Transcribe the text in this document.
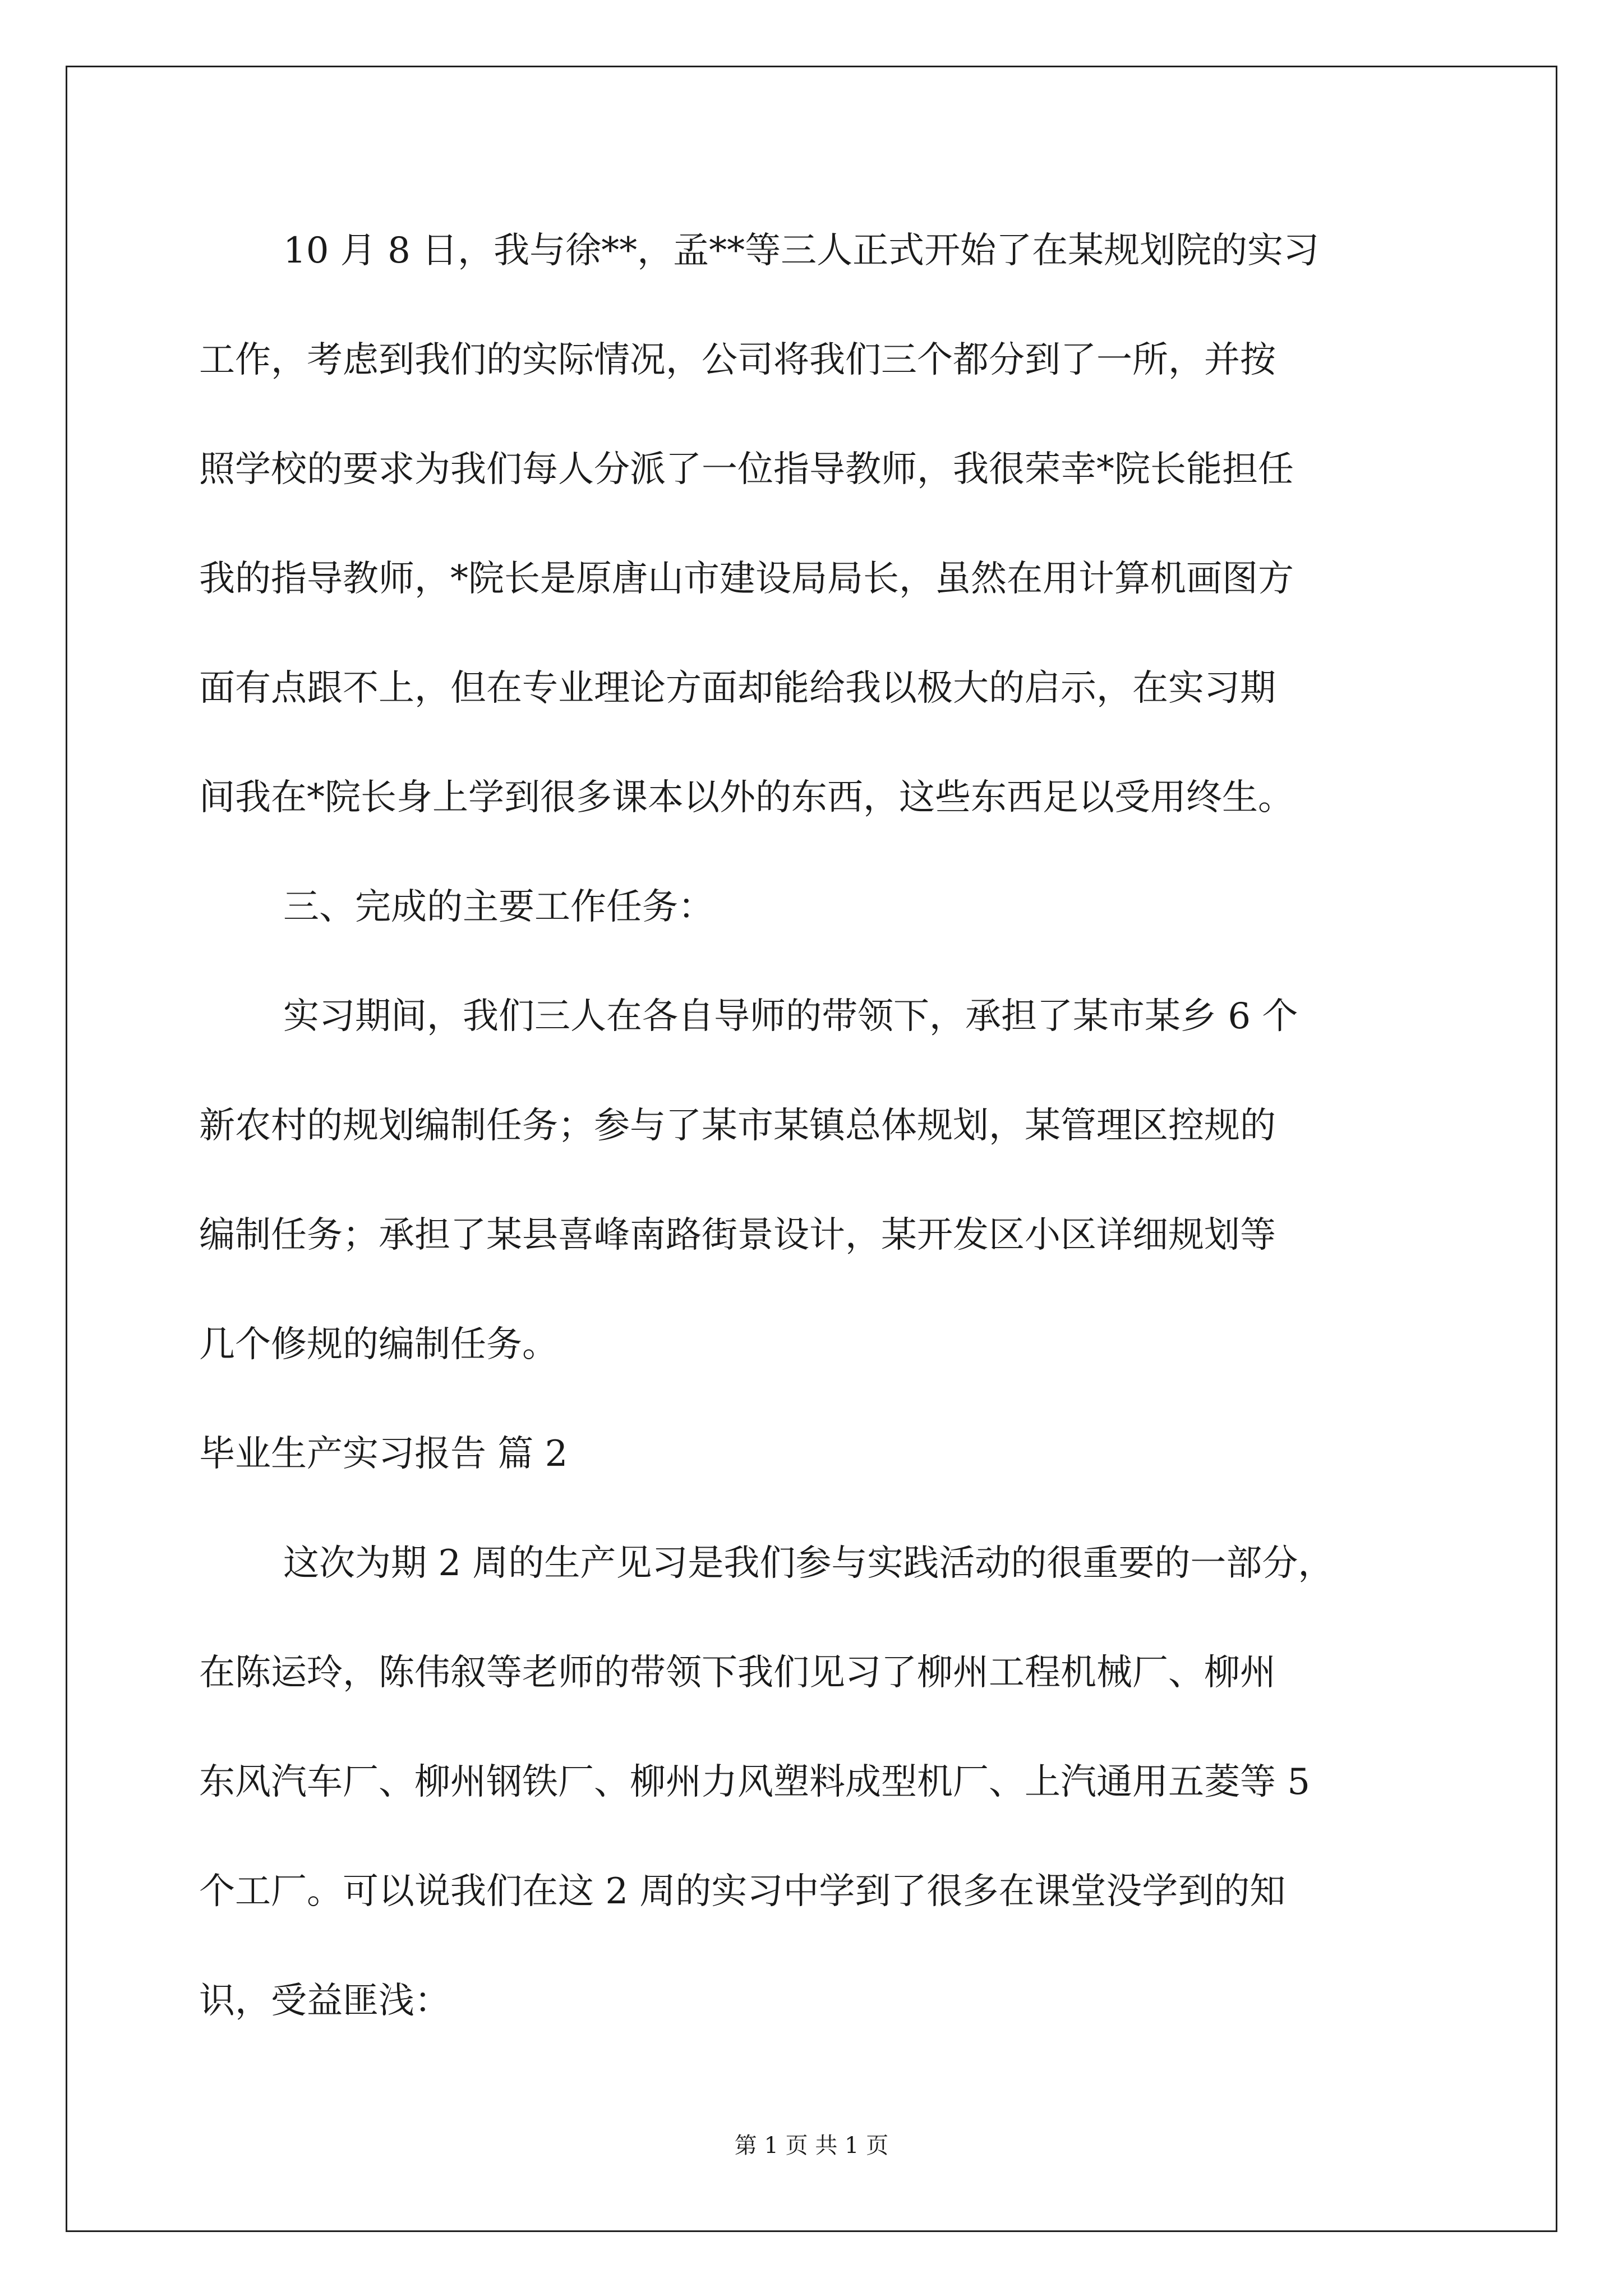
10 月 8 日，我与徐**，孟**等三人正式开始了在某规划院的实习
工作，考虑到我们的实际情况，公司将我们三个都分到了一所，并按
照学校的要求为我们每人分派了一位指导教师，我很荣幸*院长能担任
我的指导教师，*院长是原唐山市建设局局长，虽然在用计算机画图方
面有点跟不上，但在专业理论方面却能给我以极大的启示，在实习期
间我在*院长身上学到很多课本以外的东西，这些东西足以受用终生。
三、完成的主要工作任务：
实习期间，我们三人在各自导师的带领下，承担了某市某乡 6 个
新农村的规划编制任务；参与了某市某镇总体规划，某管理区控规的
编制任务；承担了某县喜峰南路街景设计，某开发区小区详细规划等
几个修规的编制任务。
毕业生产实习报告 篇 2
这次为期 2 周的生产见习是我们参与实践活动的很重要的一部分，
在陈运玲，陈伟叙等老师的带领下我们见习了柳州工程机械厂、柳州
东风汽车厂、柳州钢铁厂、柳州力风塑料成型机厂、上汽通用五菱等 5
个工厂。可以说我们在这 2 周的实习中学到了很多在课堂没学到的知
识，受益匪浅：
第 1 页 共 1 页
